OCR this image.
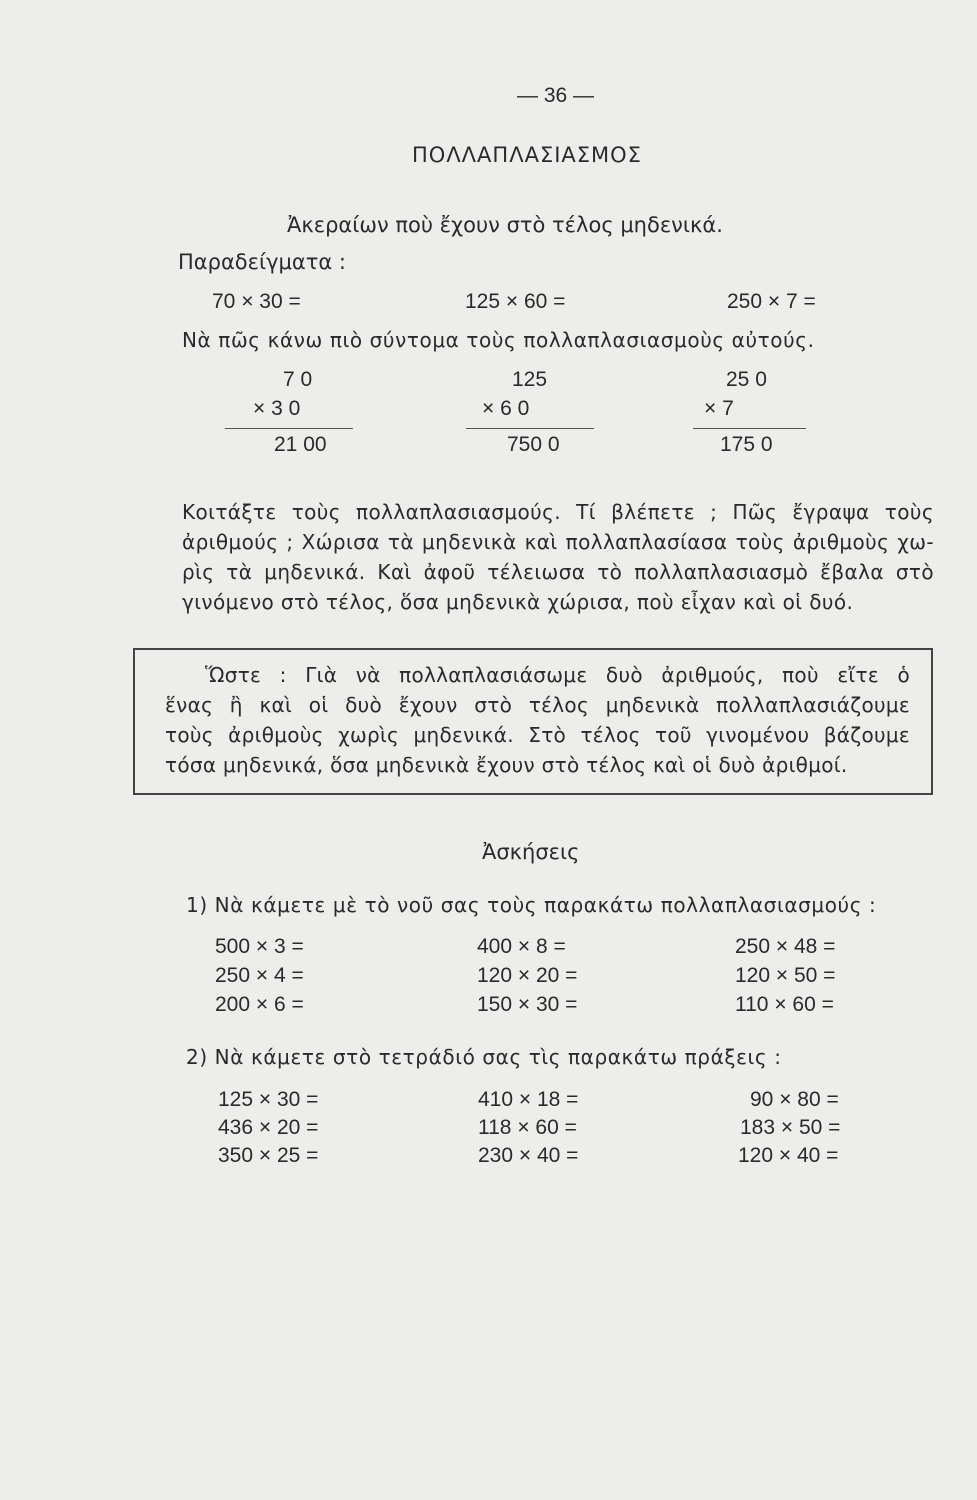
— 36 —
ΠΟΛΛΑΠΛΑΣΙΑΣΜΟΣ
Ἀκεραίων ποὺ ἔχουν στὸ τέλος μηδενικά.
Παραδείγματα :
70 × 30 =	125 × 60 =	250 × 7 =
Νὰ πῶς κάνω πιὸ σύντομα τοὺς πολλαπλασιασμοὺς αὐτούς.
7 0
× 3 0
21 00
125
× 6 0
750 0
25 0
× 7
175 0
Κοιτάξτε τοὺς πολλαπλασιασμούς. Τί βλέπετε ; Πῶς ἔγραψα τοὺς
ἀριθμούς ; Χώρισα τὰ μηδενικὰ καὶ πολλαπλασίασα τοὺς ἀριθμοὺς χω-
ρὶς τὰ μηδενικά. Καὶ ἀφοῦ τέλειωσα τὸ πολλαπλασιασμὸ ἔβαλα στὸ
γινόμενο στὸ τέλος, ὅσα μηδενικὰ χώρισα, ποὺ εἶχαν καὶ οἱ δυό.
Ὥστε : Γιὰ νὰ πολλαπλασιάσωμε δυὸ ἀριθμούς, ποὺ εἴτε ὁ
ἕνας ἢ καὶ οἱ δυὸ ἔχουν στὸ τέλος μηδενικὰ πολλαπλασιάζουμε
τοὺς ἀριθμοὺς χωρὶς μηδενικά. Στὸ τέλος τοῦ γινομένου βάζουμε
τόσα μηδενικά, ὅσα μηδενικὰ ἔχουν στὸ τέλος καὶ οἱ δυὸ ἀριθμοί.
Ἀσκήσεις
1) Νὰ κάμετε μὲ τὸ νοῦ σας τοὺς παρακάτω πολλαπλασιασμούς :
500 × 3 =	400 × 8 =	250 × 48 =
250 × 4 =	120 × 20 =	120 × 50 =
200 × 6 =	150 × 30 =	110 × 60 =
2) Νὰ κάμετε στὸ τετράδιό σας τὶς παρακάτω πράξεις :
125 × 30 =	410 × 18 =	90 × 80 =
436 × 20 =	118 × 60 =	183 × 50 =
350 × 25 =	230 × 40 =	120 × 40 =
